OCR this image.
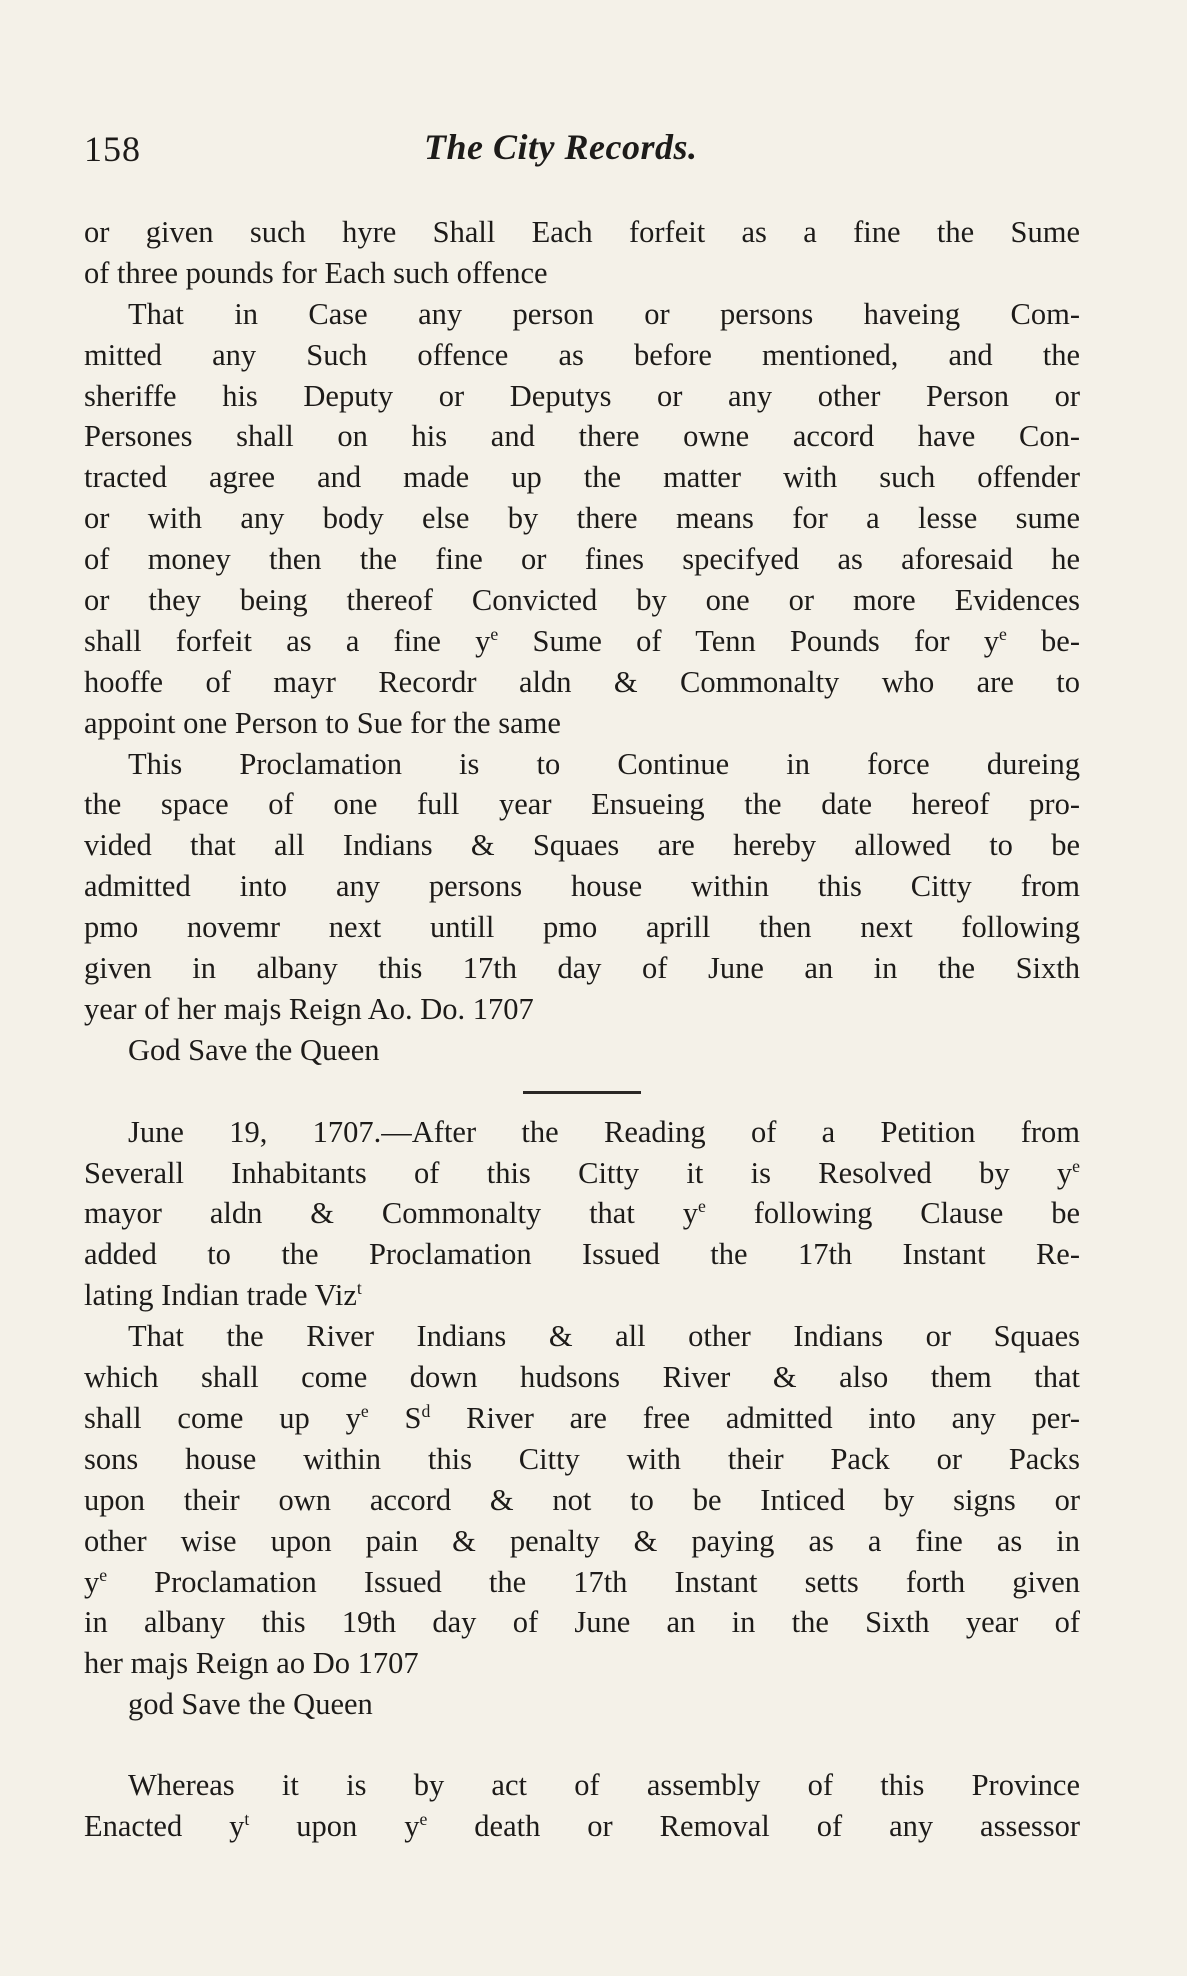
158	The City Records.
or given such hyre Shall Each forfeit as a fine the Sume
of three pounds for Each such offence
That in Case any person or persons haveing Com-
mitted any Such offence as before mentioned, and the
sheriffe his Deputy or Deputys or any other Person or
Persones shall on his and there owne accord have Con-
tracted agree and made up the matter with such offender
or with any body else by there means for a lesse sume
of money then the fine or fines specifyed as aforesaid he
or they being thereof Convicted by one or more Evidences
shall forfeit as a fine $y^e$ Sume of Tenn Pounds for $y^e$ be-
hooffe of mayr Recordr aldn & Commonalty who are to
appoint one Person to Sue for the same
This Proclamation is to Continue in force dureing
the space of one full year Ensueing the date hereof pro-
vided that all Indians & Squaes are hereby allowed to be
admitted into any persons house within this Citty from
pmo novemr next untill pmo aprill then next following
given in albany this 17th day of June an in the Sixth
year of her majs Reign Ao. Do. 1707
God Save the Queen
June 19, 1707.—After the Reading of a Petition from
Severall Inhabitants of this Citty it is Resolved by $y^e$
mayor aldn & Commonalty that $y^e$ following Clause be
added to the Proclamation Issued the 17th Instant Re-
lating Indian trade Viz$^t$
That the River Indians & all other Indians or Squaes
which shall come down hudsons River & also them that
shall come up $y^e$ $S^d$ River are free admitted into any per-
sons house within this Citty with their Pack or Packs
upon their own accord & not to be Inticed by signs or
other wise upon pain & penalty & paying as a fine as in
$y^e$ Proclamation Issued the 17th Instant setts forth given
in albany this 19th day of June an in the Sixth year of
her majs Reign ao Do 1707
god Save the Queen
Whereas it is by act of assembly of this Province
Enacted $y^t$ upon $y^e$ death or Removal of any assessor
